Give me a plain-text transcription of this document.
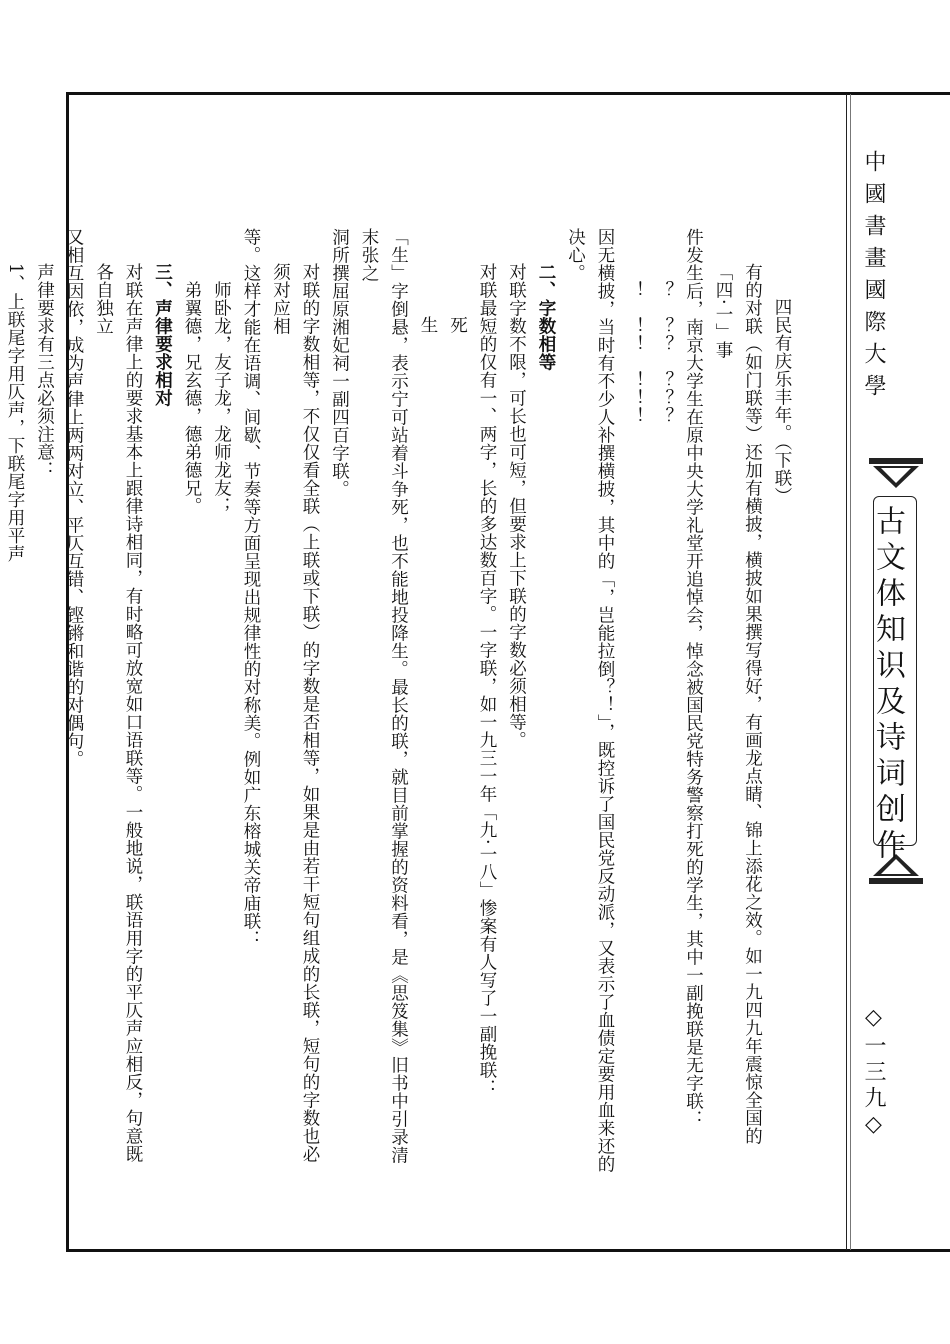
中國書畫國際大學
古文体知识及诗词创作
◇一三九◇

四民有庆乐丰年。（下联）

有的对联（如门联等）还加有横披，横披如果撰写得好，有画龙点睛、锦上添花之效。如一九四九年震惊全国的「四·一」事

件发生后，南京大学生在原中央大学礼堂开追悼会，悼念被国民党特务警察打死的学生，其中一副挽联是无字联：

？　？？　？？？

！　！！　！！！

因无横披，当时有不少人补撰横披，其中的「，岂能拉倒？！」，既控诉了国民党反动派，又表示了血债定要用血来还的决心。

二、字数相等

对联字数不限，可长也可短，但要求上下联的字数必须相等。

对联最短的仅有一、两字，长的多达数百字。一字联，如一九三一年「九·一八」惨案有人写了一副挽联：

死

生

「生」字倒悬，表示宁可站着斗争死，也不能地投降生。最长的联，就目前掌握的资料看，是《思笈集》旧书中引录清末张之

洞所撰屈原湘妃祠一副四百字联。

对联的字数相等，不仅仅看全联（上联或下联）的字数是否相等，如果是由若干短句组成的长联，短句的字数也必须对应相

等。这样才能在语调、间歇、节奏等方面呈现出规律性的对称美。例如广东榕城关帝庙联：

师卧龙，友子龙，龙师龙友；

弟翼德，兄玄德，德弟德兄。

三、声律要求相对

对联在声律上的要求基本上跟律诗相同，有时略可放宽如口语联等。一般地说，联语用字的平仄声应相反，句意既各自独立

又相互因依，成为声律上两两对立、平仄互错、铿锵和谐的对偶句。

声律要求有三点必须注意：

1、上联尾字用仄声，下联尾字用平声
